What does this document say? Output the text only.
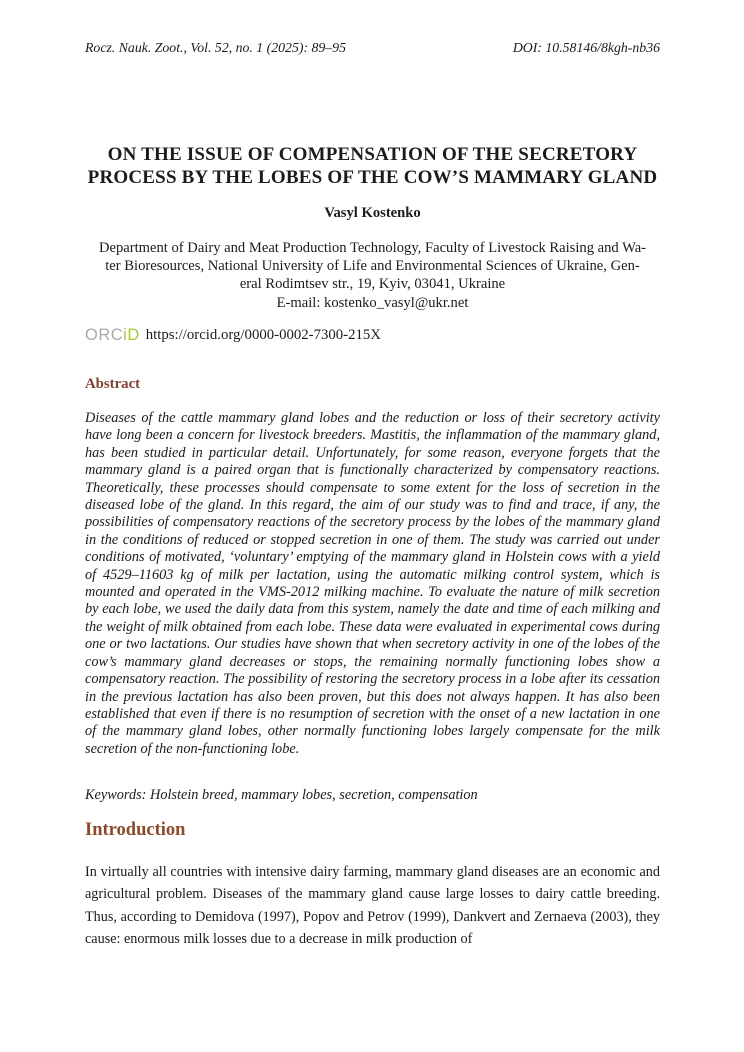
Rocz. Nauk. Zoot., Vol. 52, no. 1 (2025): 89–95	DOI: 10.58146/8kgh-nb36
ON THE ISSUE OF COMPENSATION OF THE SECRETORY
PROCESS BY THE LOBES OF THE COW’S MAMMARY GLAND
Vasyl Kostenko
Department of Dairy and Meat Production Technology, Faculty of Livestock Raising and Wa-
ter Bioresources, National University of Life and Environmental Sciences of Ukraine, Gen-
eral Rodimtsev str., 19, Kyiv, 03041, Ukraine
E-mail: kostenko_vasyl@ukr.net
ORCiD https://orcid.org/0000-0002-7300-215X
Abstract

Diseases of the cattle mammary gland lobes and the reduction or loss of their secretory activity have long been a concern for livestock breeders. Mastitis, the inflammation of the mammary gland, has been studied in particular detail. Unfortunately, for some reason, everyone forgets that the mammary gland is a paired organ that is functionally characterized by compensatory reactions. Theoretically, these processes should compensate to some extent for the loss of secretion in the diseased lobe of the gland. In this regard, the aim of our study was to find and trace, if any, the possibilities of compensatory reactions of the secretory process by the lobes of the mammary gland in the conditions of reduced or stopped secretion in one of them. The study was carried out under conditions of motivated, ‘voluntary’ emptying of the mammary gland in Holstein cows with a yield of 4529–11603 kg of milk per lactation, using the automatic milking control system, which is mounted and operated in the VMS-2012 milking machine. To evaluate the nature of milk secretion by each lobe, we used the daily data from this system, namely the date and time of each milking and the weight of milk obtained from each lobe. These data were evaluated in experimental cows during one or two lactations. Our studies have shown that when secretory activity in one of the lobes of the cow’s mammary gland decreases or stops, the remaining normally functioning lobes show a compensatory reaction. The possibility of restoring the secretory process in a lobe after its cessation in the previous lactation has also been proven, but this does not always happen. It has also been established that even if there is no resumption of secretion with the onset of a new lactation in one of the mammary gland lobes, other normally functioning lobes largely compensate for the milk secretion of the non-functioning lobe.

Keywords: Holstein breed, mammary lobes, secretion, compensation
Introduction

In virtually all countries with intensive dairy farming, mammary gland diseases are an economic and agricultural problem. Diseases of the mammary gland cause large losses to dairy cattle breeding. Thus, according to Demidova (1997), Popov and Petrov (1999), Dankvert and Zernaeva (2003), they cause: enormous milk losses due to a decrease in milk production of
